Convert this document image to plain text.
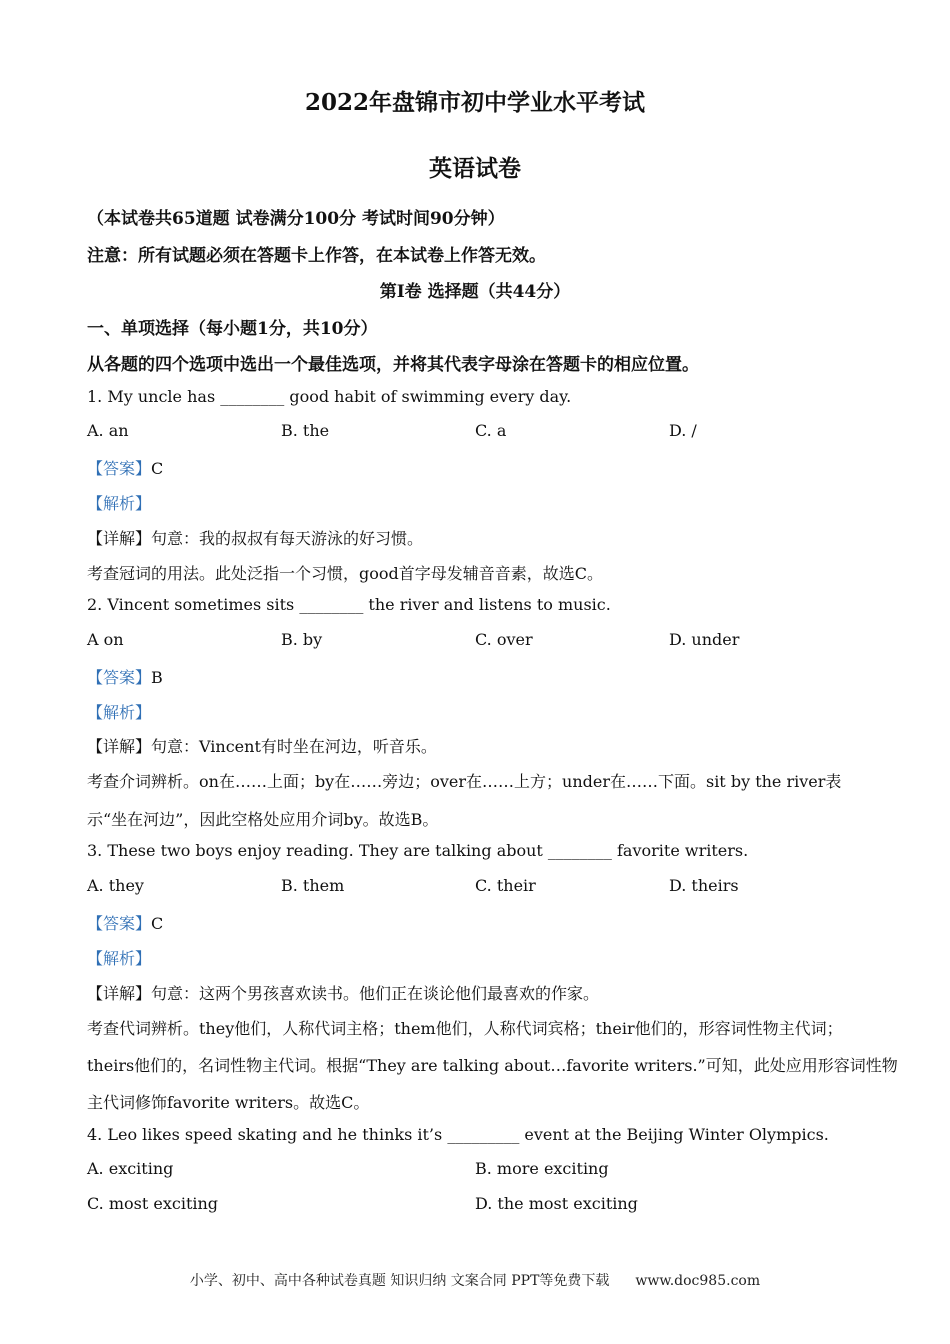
2022年盘锦市初中学业水平考试
英语试卷
（本试卷共65道题 试卷满分100分 考试时间90分钟）
注意：所有试题必须在答题卡上作答，在本试卷上作答无效。
第Ⅰ卷 选择题（共44分）
一、单项选择（每小题1分，共10分）
从各题的四个选项中选出一个最佳选项，并将其代表字母涂在答题卡的相应位置。
1. My uncle has ________ good habit of swimming every day.
A. an	B. the	C. a	D. /
【答案】C
【解析】
【详解】句意：我的叔叔有每天游泳的好习惯。
考查冠词的用法。此处泛指一个习惯，good首字母发辅音音素，故选C。
2. Vincent sometimes sits ________ the river and listens to music.
A on	B. by	C. over	D. under
【答案】B
【解析】
【详解】句意：Vincent有时坐在河边，听音乐。
考查介词辨析。on在……上面；by在……旁边；over在……上方；under在……下面。sit by the river表
示“坐在河边”，因此空格处应用介词by。故选B。
3. These two boys enjoy reading. They are talking about ________ favorite writers.
A. they	B. them	C. their	D. theirs
【答案】C
【解析】
【详解】句意：这两个男孩喜欢读书。他们正在谈论他们最喜欢的作家。
考查代词辨析。they他们，人称代词主格；them他们，人称代词宾格；their他们的，形容词性物主代词；
theirs他们的，名词性物主代词。根据“They are talking about…favorite writers.”可知，此处应用形容词性物
主代词修饰favorite writers。故选C。
4. Leo likes speed skating and he thinks it’s _________ event at the Beijing Winter Olympics.
A. exciting	B. more exciting
C. most exciting	D. the most exciting
小学、初中、高中各种试卷真题 知识归纳 文案合同 PPT等免费下载 www.doc985.com
